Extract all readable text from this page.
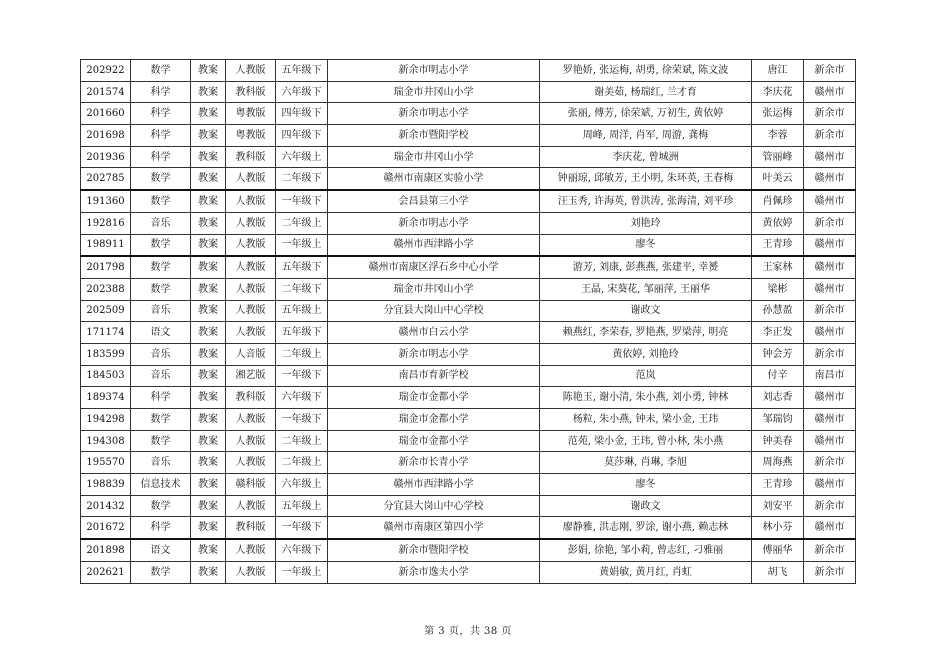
202922	数学	教案	人教版	五年级下	新余市明志小学	罗艳娇, 张运梅, 胡勇, 徐荣斌, 陈文波	唐江	新余市
201574	科学	教案	教科版	六年级下	瑞金市井冈山小学	谢美茹, 杨瑞红, 兰才育	李庆花	赣州市
201660	科学	教案	粤教版	四年级下	新余市明志小学	张丽, 傅芳, 徐荣斌, 万初生, 黄依婷	张运梅	新余市
201698	科学	教案	粤教版	四年级下	新余市暨阳学校	周峰, 周洋, 肖军, 周游, 龚梅	李蓉	新余市
201936	科学	教案	教科版	六年级上	瑞金市井冈山小学	李庆花, 曾城洲	管丽峰	赣州市
202785	数学	教案	人教版	二年级下	赣州市南康区实验小学	钟丽琼, 邱敏芳, 王小明, 朱环英, 王春梅	叶美云	赣州市
191360	数学	教案	人教版	一年级下	会昌县第三小学	汪玉秀, 许海英, 曾洪涛, 张海清, 刘平珍	肖佩珍	赣州市
192816	音乐	教案	人教版	二年级上	新余市明志小学	刘艳玲	黄依婷	新余市
198911	数学	教案	人教版	一年级上	赣州市西津路小学	廖冬	王青珍	赣州市
201798	数学	教案	人教版	五年级下	赣州市南康区浮石乡中心小学	游芳, 刘康, 彭燕燕, 张建平, 幸赟	王家林	赣州市
202388	数学	教案	人教版	二年级下	瑞金市井冈山小学	王晶, 宋葵花, 邹丽萍, 王丽华	梁彬	赣州市
202509	音乐	教案	人教版	五年级上	分宜县大岗山中心学校	谢政文	孙慧盈	新余市
171174	语文	教案	人教版	五年级下	赣州市白云小学	赖燕红, 李荣春, 罗艳燕, 罗梁萍, 明亮	李正发	赣州市
183599	音乐	教案	人音版	二年级上	新余市明志小学	黄依婷, 刘艳玲	钟会芳	新余市
184503	音乐	教案	湘艺版	一年级下	南昌市育新学校	范岚	付辛	南昌市
189374	科学	教案	教科版	六年级下	瑞金市金都小学	陈艳玉, 谢小清, 朱小燕, 刘小勇, 钟林	刘志香	赣州市
194298	数学	教案	人教版	一年级下	瑞金市金都小学	杨粒, 朱小燕, 钟未, 梁小金, 王玮	邹瑞钧	赣州市
194308	数学	教案	人教版	二年级上	瑞金市金都小学	范苑, 梁小金, 王玮, 曾小林, 朱小燕	钟美春	赣州市
195570	音乐	教案	人教版	二年级上	新余市长青小学	莫莎琳, 肖琳, 李旭	周海燕	新余市
198839	信息技术	教案	赣科版	六年级上	赣州市西津路小学	廖冬	王青珍	赣州市
201432	数学	教案	人教版	五年级上	分宜县大岗山中心学校	谢政文	刘安平	新余市
201672	科学	教案	教科版	一年级下	赣州市南康区第四小学	廖静雅, 洪志刚, 罗涂, 谢小燕, 赖志林	林小芬	赣州市
201898	语文	教案	人教版	六年级下	新余市暨阳学校	彭娟, 徐艳, 邹小莉, 曾志红, 刁雅丽	傅丽华	新余市
202621	数学	教案	人教版	一年级上	新余市逸夫小学	黄娟敏, 黄月红, 肖虹	胡飞	新余市
第 3 页，共 38 页
